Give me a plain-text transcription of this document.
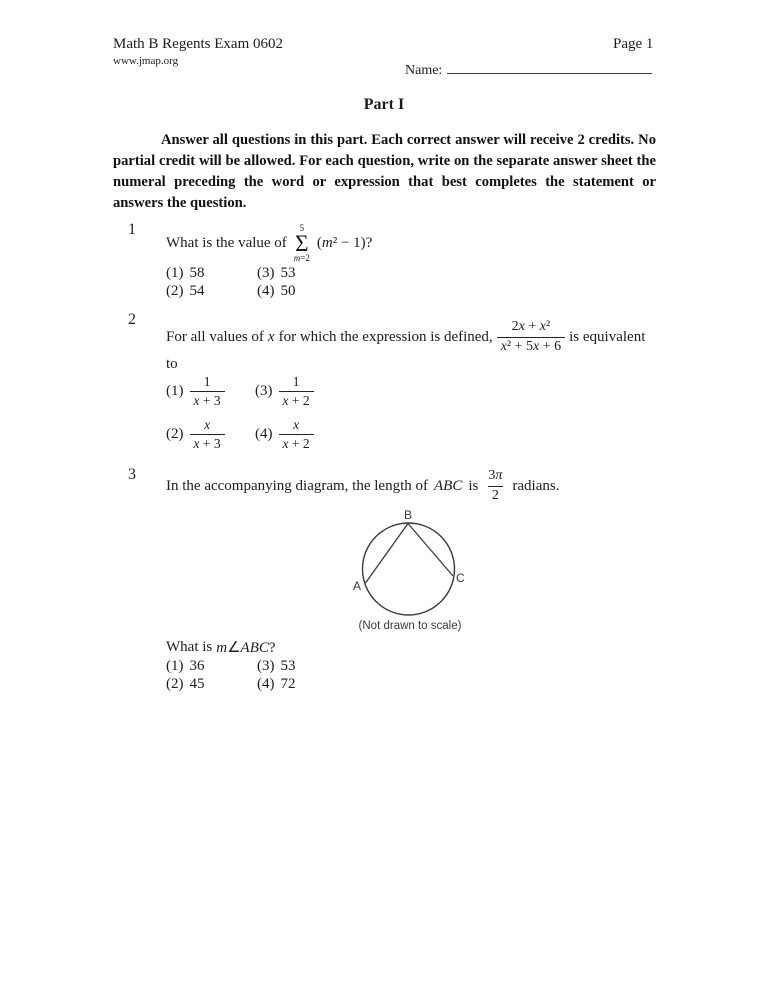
Math B Regents Exam 0602
www.jmap.org
Page 1
Name:
Part I

Answer all questions in this part. Each correct answer will receive 2 credits. No partial credit will be allowed. For each question, write on the separate answer sheet the numeral preceding the word or expression that best completes the statement or answers the question.

1
What is the value of
5
Σ
m=2
(m² − 1)?
(1) 58	(3) 53
(2) 54	(4) 50
2
For all values of x for which the expression is defined, $\frac{\text{2x + x²}}{\text{x² + 5x + 6}}$ is equivalent
to
$(1) \frac{1}{x + 3} (3) \frac{1}{x + 2}$
$(2) \frac{x}{x + 3} (4) \frac{x}{x + 2}$
3
In the accompanying diagram, the length of ABC is $\frac{3\pi}{2}$ radians.
B
A
C
(Not drawn to scale)
What is m∠ABC?
(1) 36	(3) 53
(2) 45	(4) 72
